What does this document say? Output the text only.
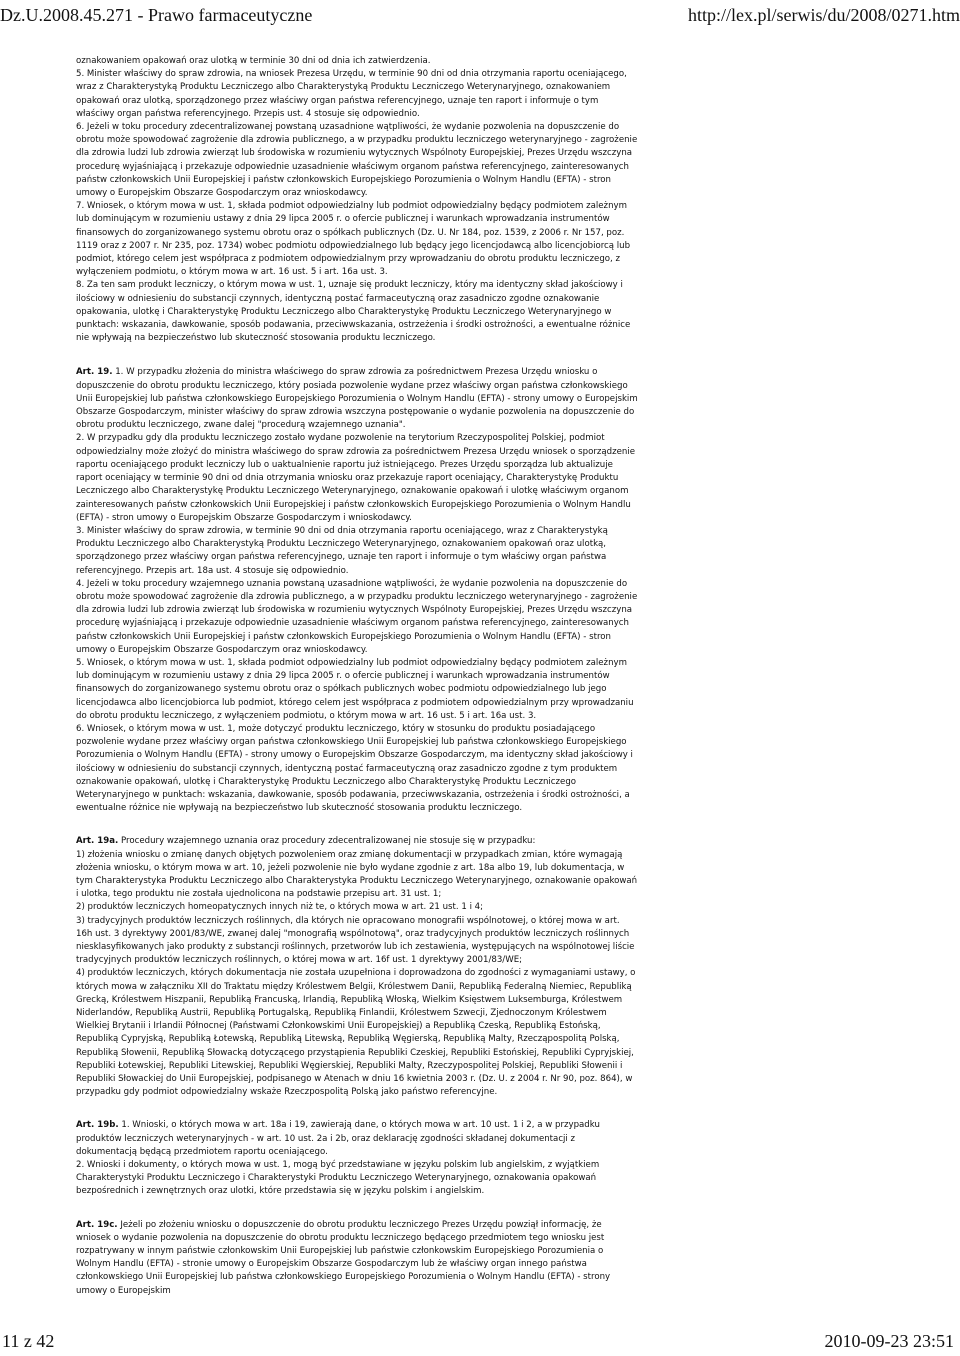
Dz.U.2008.45.271 - Prawo farmaceutyczne	http://lex.pl/serwis/du/2008/0271.htm

oznakowaniem opakowań oraz ulotką w terminie 30 dni od dnia ich zatwierdzenia.

5. Minister właściwy do spraw zdrowia, na wniosek Prezesa Urzędu, w terminie 90 dni od dnia otrzymania raportu oceniającego, wraz z Charakterystyką Produktu Leczniczego albo Charakterystyką Produktu Leczniczego Weterynaryjnego, oznakowaniem opakowań oraz ulotką, sporządzonego przez właściwy organ państwa referencyjnego, uznaje ten raport i informuje o tym właściwy organ państwa referencyjnego. Przepis ust. 4 stosuje się odpowiednio.

6. Jeżeli w toku procedury zdecentralizowanej powstaną uzasadnione wątpliwości, że wydanie pozwolenia na dopuszczenie do obrotu może spowodować zagrożenie dla zdrowia publicznego, a w przypadku produktu leczniczego weterynaryjnego - zagrożenie dla zdrowia ludzi lub zdrowia zwierząt lub środowiska w rozumieniu wytycznych Wspólnoty Europejskiej, Prezes Urzędu wszczyna procedurę wyjaśniającą i przekazuje odpowiednie uzasadnienie właściwym organom państwa referencyjnego, zainteresowanych państw członkowskich Unii Europejskiej i państw członkowskich Europejskiego Porozumienia o Wolnym Handlu (EFTA) - stron umowy o Europejskim Obszarze Gospodarczym oraz wnioskodawcy.

7. Wniosek, o którym mowa w ust. 1, składa podmiot odpowiedzialny lub podmiot odpowiedzialny będący podmiotem zależnym lub dominującym w rozumieniu ustawy z dnia 29 lipca 2005 r. o ofercie publicznej i warunkach wprowadzania instrumentów finansowych do zorganizowanego systemu obrotu oraz o spółkach publicznych (Dz. U. Nr 184, poz. 1539, z 2006 r. Nr 157, poz. 1119 oraz z 2007 r. Nr 235, poz. 1734) wobec podmiotu odpowiedzialnego lub będący jego licencjodawcą albo licencjobiorcą lub podmiot, którego celem jest współpraca z podmiotem odpowiedzialnym przy wprowadzaniu do obrotu produktu leczniczego, z wyłączeniem podmiotu, o którym mowa w art. 16 ust. 5 i art. 16a ust. 3.

8. Za ten sam produkt leczniczy, o którym mowa w ust. 1, uznaje się produkt leczniczy, który ma identyczny skład jakościowy i ilościowy w odniesieniu do substancji czynnych, identyczną postać farmaceutyczną oraz zasadniczo zgodne oznakowanie opakowania, ulotkę i Charakterystykę Produktu Leczniczego albo Charakterystykę Produktu Leczniczego Weterynaryjnego w punktach: wskazania, dawkowanie, sposób podawania, przeciwwskazania, ostrzeżenia i środki ostrożności, a ewentualne różnice nie wpływają na bezpieczeństwo lub skuteczność stosowania produktu leczniczego.

Art. 19. 1. W przypadku złożenia do ministra właściwego do spraw zdrowia za pośrednictwem Prezesa Urzędu wniosku o dopuszczenie do obrotu produktu leczniczego, który posiada pozwolenie wydane przez właściwy organ państwa członkowskiego Unii Europejskiej lub państwa członkowskiego Europejskiego Porozumienia o Wolnym Handlu (EFTA) - strony umowy o Europejskim Obszarze Gospodarczym, minister właściwy do spraw zdrowia wszczyna postępowanie o wydanie pozwolenia na dopuszczenie do obrotu produktu leczniczego, zwane dalej "procedurą wzajemnego uznania".

2. W przypadku gdy dla produktu leczniczego zostało wydane pozwolenie na terytorium Rzeczypospolitej Polskiej, podmiot odpowiedzialny może złożyć do ministra właściwego do spraw zdrowia za pośrednictwem Prezesa Urzędu wniosek o sporządzenie raportu oceniającego produkt leczniczy lub o uaktualnienie raportu już istniejącego. Prezes Urzędu sporządza lub aktualizuje raport oceniający w terminie 90 dni od dnia otrzymania wniosku oraz przekazuje raport oceniający, Charakterystykę Produktu Leczniczego albo Charakterystykę Produktu Leczniczego Weterynaryjnego, oznakowanie opakowań i ulotkę właściwym organom zainteresowanych państw członkowskich Unii Europejskiej i państw członkowskich Europejskiego Porozumienia o Wolnym Handlu (EFTA) - stron umowy o Europejskim Obszarze Gospodarczym i wnioskodawcy.

3. Minister właściwy do spraw zdrowia, w terminie 90 dni od dnia otrzymania raportu oceniającego, wraz z Charakterystyką Produktu Leczniczego albo Charakterystyką Produktu Leczniczego Weterynaryjnego, oznakowaniem opakowań oraz ulotką, sporządzonego przez właściwy organ państwa referencyjnego, uznaje ten raport i informuje o tym właściwy organ państwa referencyjnego. Przepis art. 18a ust. 4 stosuje się odpowiednio.

4. Jeżeli w toku procedury wzajemnego uznania powstaną uzasadnione wątpliwości, że wydanie pozwolenia na dopuszczenie do obrotu może spowodować zagrożenie dla zdrowia publicznego, a w przypadku produktu leczniczego weterynaryjnego - zagrożenie dla zdrowia ludzi lub zdrowia zwierząt lub środowiska w rozumieniu wytycznych Wspólnoty Europejskiej, Prezes Urzędu wszczyna procedurę wyjaśniającą i przekazuje odpowiednie uzasadnienie właściwym organom państwa referencyjnego, zainteresowanych państw członkowskich Unii Europejskiej i państw członkowskich Europejskiego Porozumienia o Wolnym Handlu (EFTA) - stron umowy o Europejskim Obszarze Gospodarczym oraz wnioskodawcy.

5. Wniosek, o którym mowa w ust. 1, składa podmiot odpowiedzialny lub podmiot odpowiedzialny będący podmiotem zależnym lub dominującym w rozumieniu ustawy z dnia 29 lipca 2005 r. o ofercie publicznej i warunkach wprowadzania instrumentów finansowych do zorganizowanego systemu obrotu oraz o spółkach publicznych wobec podmiotu odpowiedzialnego lub jego licencjodawca albo licencjobiorca lub podmiot, którego celem jest współpraca z podmiotem odpowiedzialnym przy wprowadzaniu do obrotu produktu leczniczego, z wyłączeniem podmiotu, o którym mowa w art. 16 ust. 5 i art. 16a ust. 3.

6. Wniosek, o którym mowa w ust. 1, może dotyczyć produktu leczniczego, który w stosunku do produktu posiadającego pozwolenie wydane przez właściwy organ państwa członkowskiego Unii Europejskiej lub państwa członkowskiego Europejskiego Porozumienia o Wolnym Handlu (EFTA) - strony umowy o Europejskim Obszarze Gospodarczym, ma identyczny skład jakościowy i ilościowy w odniesieniu do substancji czynnych, identyczną postać farmaceutyczną oraz zasadniczo zgodne z tym produktem oznakowanie opakowań, ulotkę i Charakterystykę Produktu Leczniczego albo Charakterystykę Produktu Leczniczego Weterynaryjnego w punktach: wskazania, dawkowanie, sposób podawania, przeciwwskazania, ostrzeżenia i środki ostrożności, a ewentualne różnice nie wpływają na bezpieczeństwo lub skuteczność stosowania produktu leczniczego.

Art. 19a. Procedury wzajemnego uznania oraz procedury zdecentralizowanej nie stosuje się w przypadku:

1) złożenia wniosku o zmianę danych objętych pozwoleniem oraz zmianę dokumentacji w przypadkach zmian, które wymagają złożenia wniosku, o którym mowa w art. 10, jeżeli pozwolenie nie było wydane zgodnie z art. 18a albo 19, lub dokumentacja, w tym Charakterystyka Produktu Leczniczego albo Charakterystyka Produktu Leczniczego Weterynaryjnego, oznakowanie opakowań i ulotka, tego produktu nie została ujednolicona na podstawie przepisu art. 31 ust. 1;

2) produktów leczniczych homeopatycznych innych niż te, o których mowa w art. 21 ust. 1 i 4;

3) tradycyjnych produktów leczniczych roślinnych, dla których nie opracowano monografii wspólnotowej, o której mowa w art. 16h ust. 3 dyrektywy 2001/83/WE, zwanej dalej "monografią wspólnotową", oraz tradycyjnych produktów leczniczych roślinnych niesklasyfikowanych jako produkty z substancji roślinnych, przetworów lub ich zestawienia, występujących na wspólnotowej liście tradycyjnych produktów leczniczych roślinnych, o której mowa w art. 16f ust. 1 dyrektywy 2001/83/WE;

4) produktów leczniczych, których dokumentacja nie została uzupełniona i doprowadzona do zgodności z wymaganiami ustawy, o których mowa w załączniku XII do Traktatu między Królestwem Belgii, Królestwem Danii, Republiką Federalną Niemiec, Republiką Grecką, Królestwem Hiszpanii, Republiką Francuską, Irlandią, Republiką Włoską, Wielkim Księstwem Luksemburga, Królestwem Niderlandów, Republiką Austrii, Republiką Portugalską, Republiką Finlandii, Królestwem Szwecji, Zjednoczonym Królestwem Wielkiej Brytanii i Irlandii Północnej (Państwami Członkowskimi Unii Europejskiej) a Republiką Czeską, Republiką Estońską, Republiką Cypryjską, Republiką Łotewską, Republiką Litewską, Republiką Węgierską, Republiką Malty, Rzecząpospolitą Polską, Republiką Słowenii, Republiką Słowacką dotyczącego przystąpienia Republiki Czeskiej, Republiki Estońskiej, Republiki Cypryjskiej, Republiki Łotewskiej, Republiki Litewskiej, Republiki Węgierskiej, Republiki Malty, Rzeczypospolitej Polskiej, Republiki Słowenii i Republiki Słowackiej do Unii Europejskiej, podpisanego w Atenach w dniu 16 kwietnia 2003 r. (Dz. U. z 2004 r. Nr 90, poz. 864), w przypadku gdy podmiot odpowiedzialny wskaże Rzeczpospolitą Polską jako państwo referencyjne.

Art. 19b. 1. Wnioski, o których mowa w art. 18a i 19, zawierają dane, o których mowa w art. 10 ust. 1 i 2, a w przypadku produktów leczniczych weterynaryjnych - w art. 10 ust. 2a i 2b, oraz deklarację zgodności składanej dokumentacji z dokumentacją będącą przedmiotem raportu oceniającego.

2. Wnioski i dokumenty, o których mowa w ust. 1, mogą być przedstawiane w języku polskim lub angielskim, z wyjątkiem Charakterystyki Produktu Leczniczego i Charakterystyki Produktu Leczniczego Weterynaryjnego, oznakowania opakowań bezpośrednich i zewnętrznych oraz ulotki, które przedstawia się w języku polskim i angielskim.

Art. 19c. Jeżeli po złożeniu wniosku o dopuszczenie do obrotu produktu leczniczego Prezes Urzędu powziął informację, że wniosek o wydanie pozwolenia na dopuszczenie do obrotu produktu leczniczego będącego przedmiotem tego wniosku jest rozpatrywany w innym państwie członkowskim Unii Europejskiej lub państwie członkowskim Europejskiego Porozumienia o Wolnym Handlu (EFTA) - stronie umowy o Europejskim Obszarze Gospodarczym lub że właściwy organ innego państwa członkowskiego Unii Europejskiej lub państwa członkowskiego Europejskiego Porozumienia o Wolnym Handlu (EFTA) - strony umowy o Europejskim

11 z 42	2010-09-23 23:51
